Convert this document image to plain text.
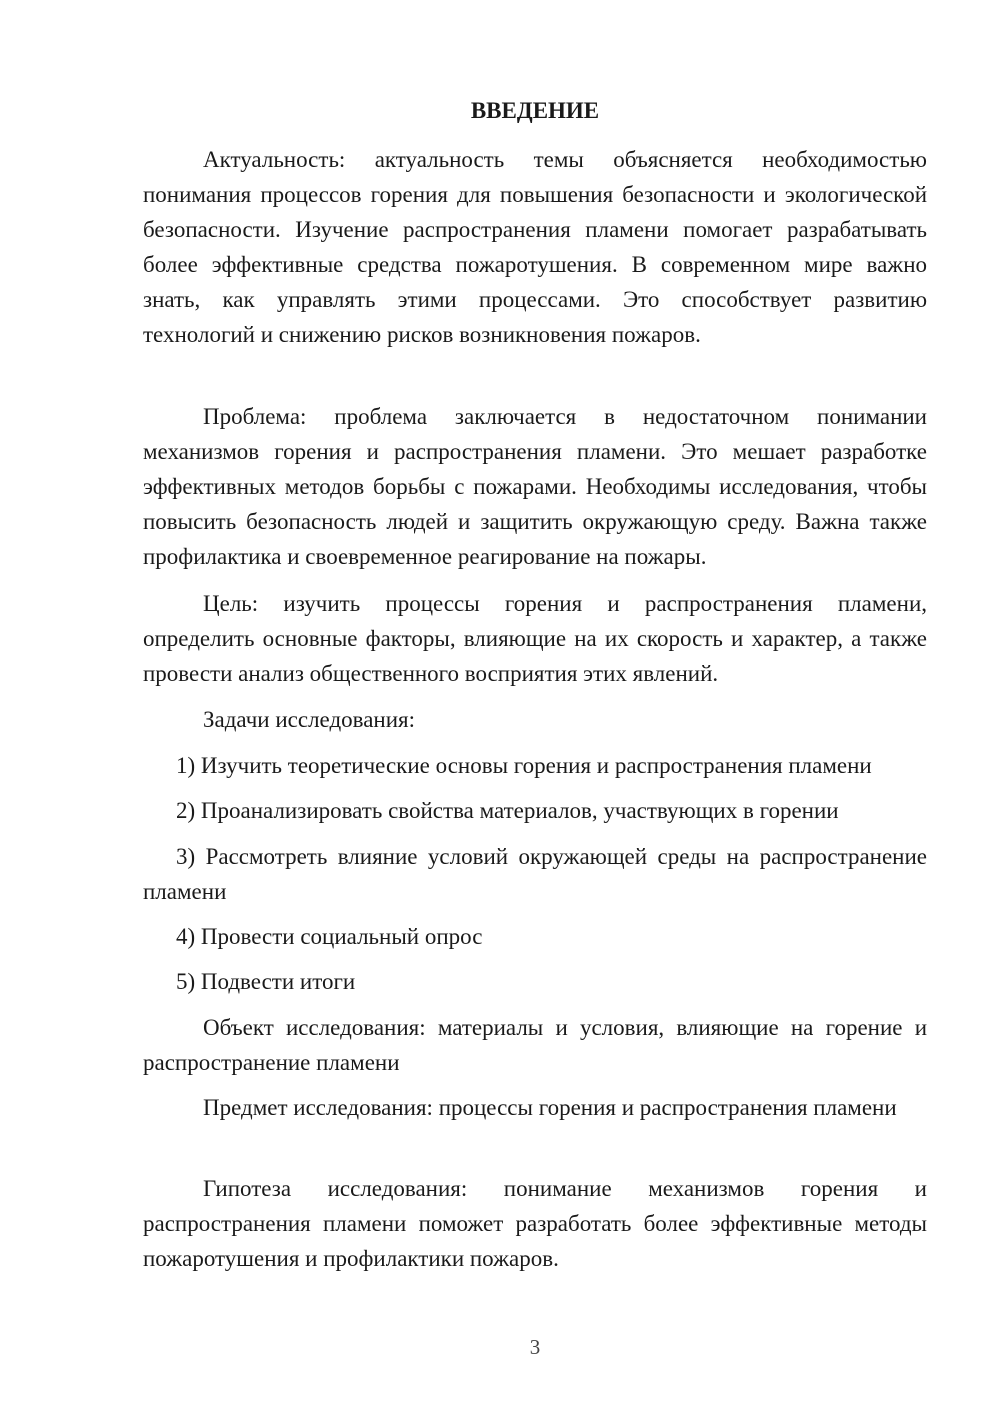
ВВЕДЕНИЕ

Актуальность: актуальность темы объясняется необходимостью понимания процессов горения для повышения безопасности и экологической безопасности. Изучение распространения пламени помогает разрабатывать более эффективные средства пожаротушения. В современном мире важно знать, как управлять этими процессами. Это способствует развитию технологий и снижению рисков возникновения пожаров.

Проблема: проблема заключается в недостаточном понимании механизмов горения и распространения пламени. Это мешает разработке эффективных методов борьбы с пожарами. Необходимы исследования, чтобы повысить безопасность людей и защитить окружающую среду. Важна также профилактика и своевременное реагирование на пожары.

Цель: изучить процессы горения и распространения пламени, определить основные факторы, влияющие на их скорость и характер, а также провести анализ общественного восприятия этих явлений.

Задачи исследования:

1) Изучить теоретические основы горения и распространения пламени

2) Проанализировать свойства материалов, участвующих в горении

3) Рассмотреть влияние условий окружающей среды на распространение пламени

4) Провести социальный опрос

5) Подвести итоги

Объект исследования: материалы и условия, влияющие на горение и распространение пламени

Предмет исследования: процессы горения и распространения пламени

Гипотеза исследования: понимание механизмов горения и распространения пламени поможет разработать более эффективные методы пожаротушения и профилактики пожаров.

3
